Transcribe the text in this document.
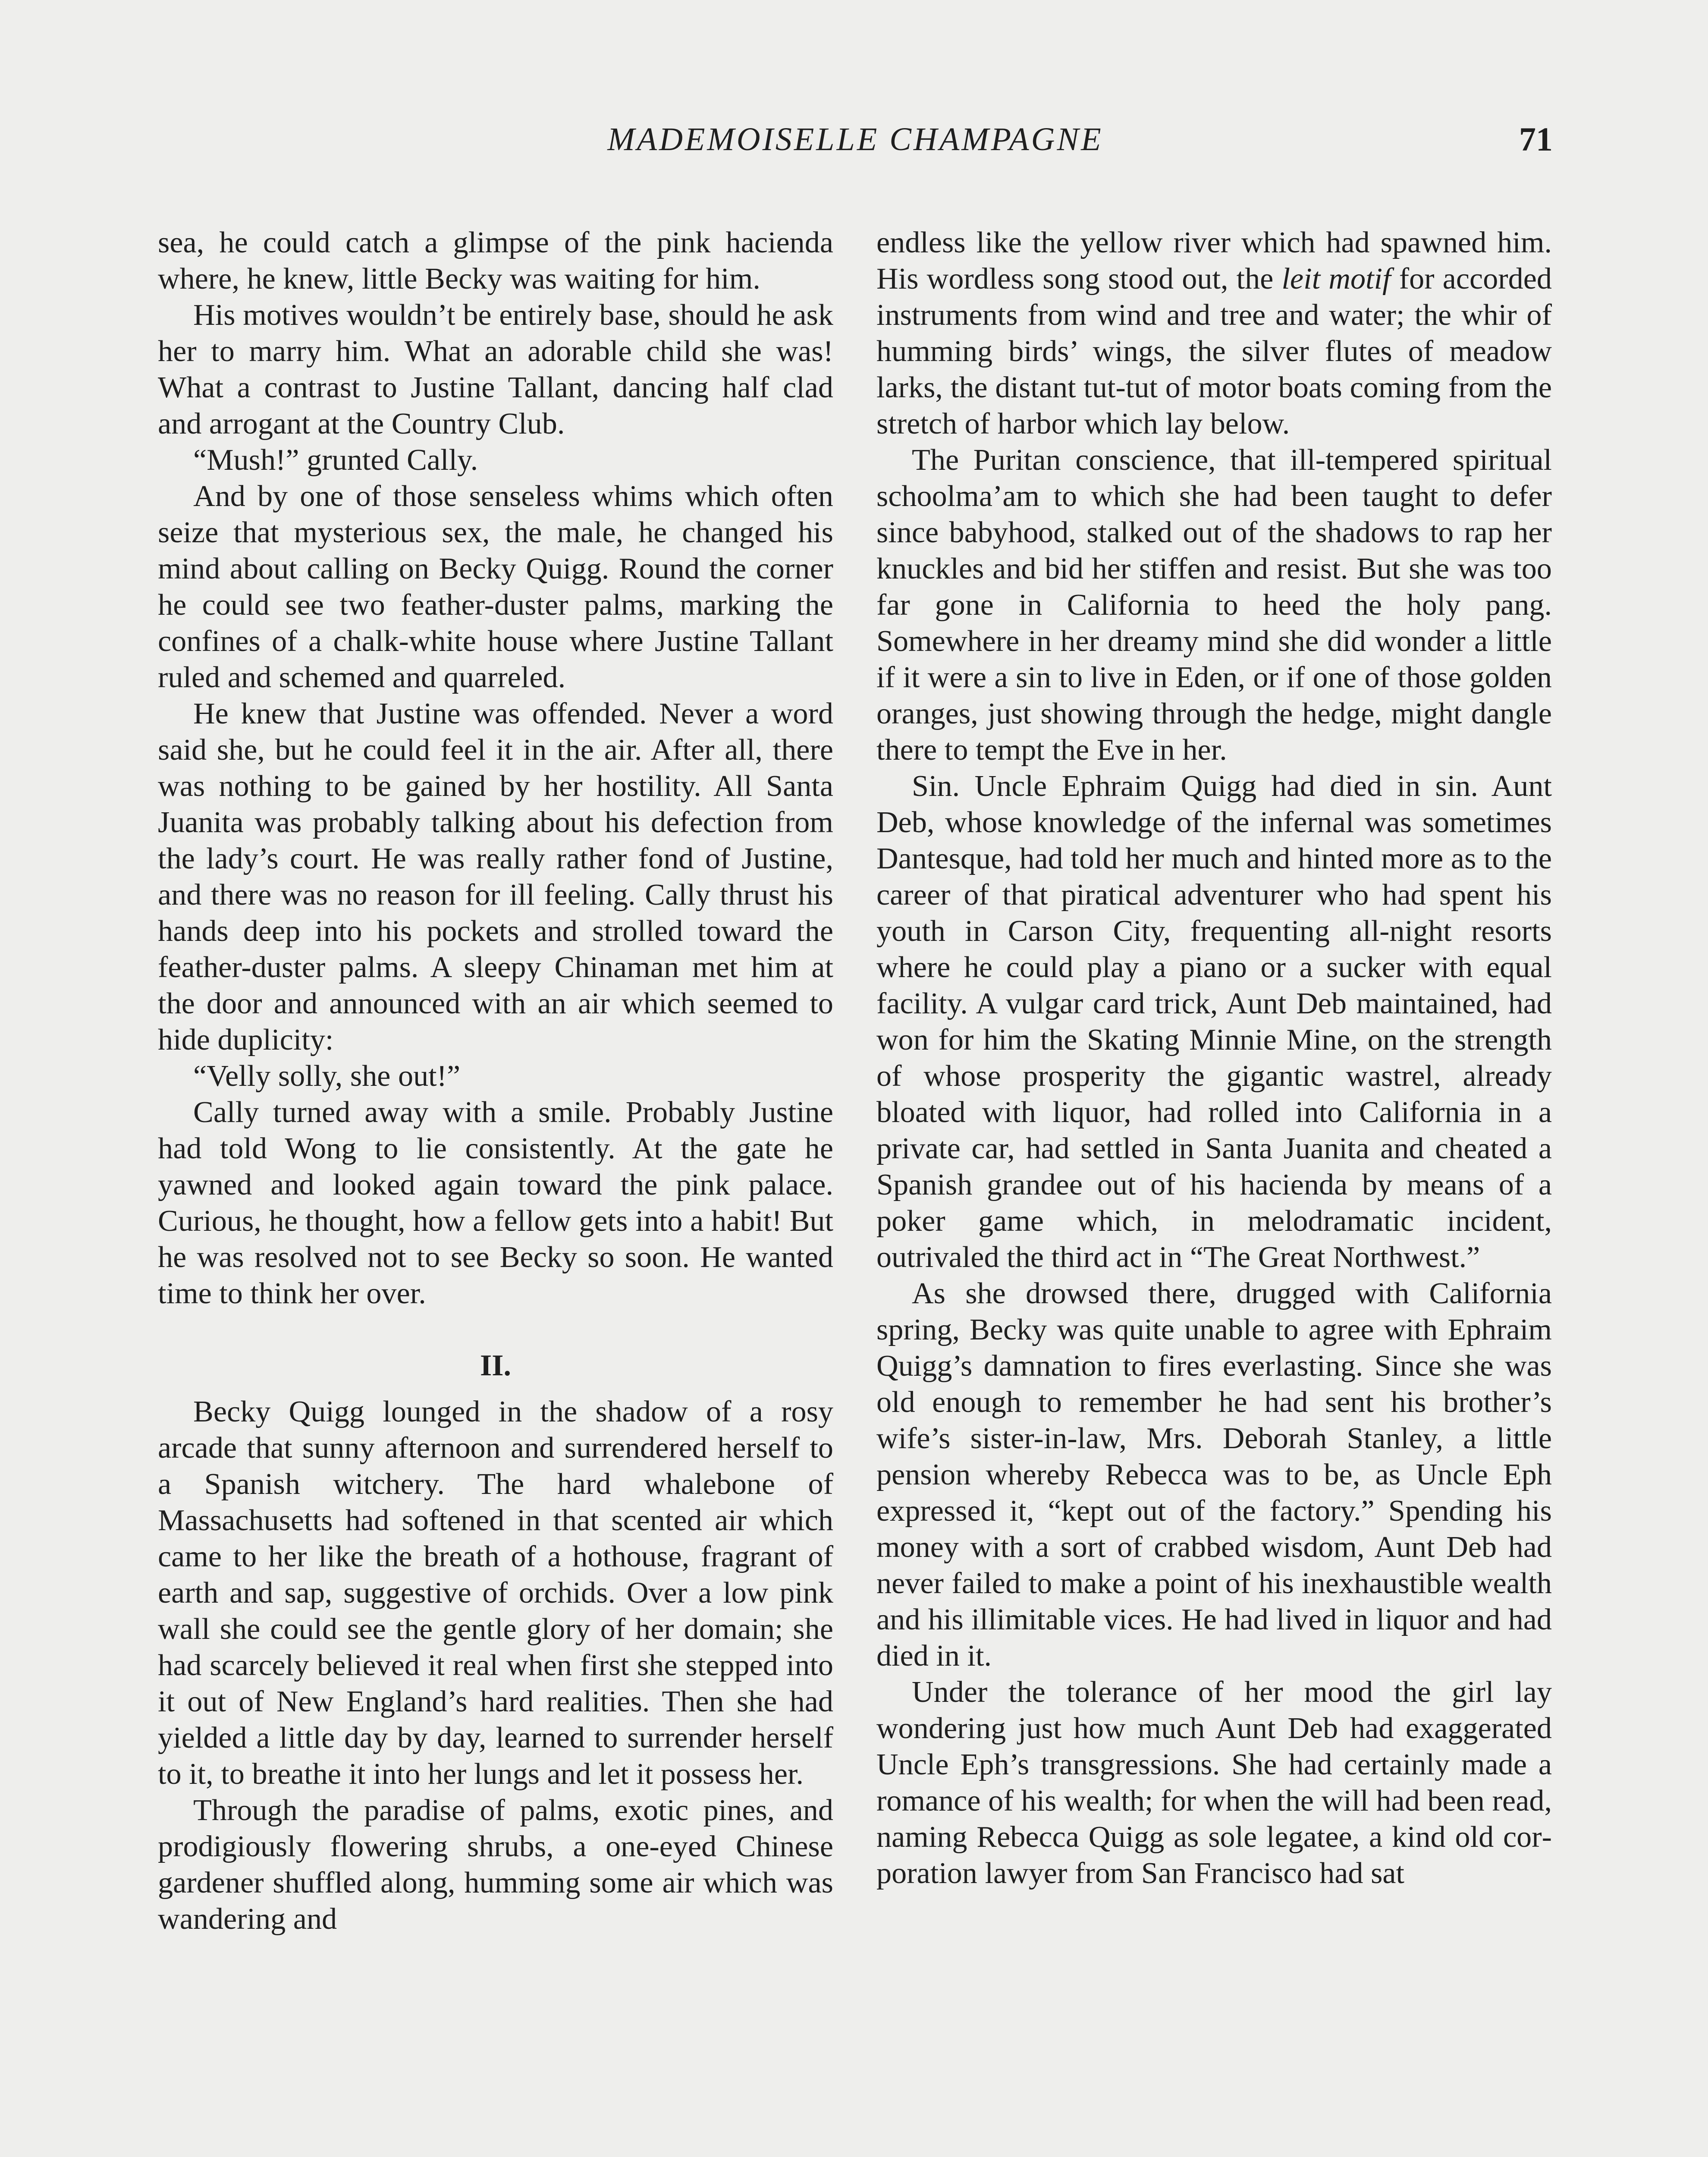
MADEMOISELLE CHAMPAGNE	71

sea, he could catch a glimpse of the pink hacienda where, he knew, little Becky was waiting for him.

His motives wouldn’t be entirely base, should he ask her to marry him. What an adorable child she was! What a contrast to Justine Tallant, dancing half clad and arrogant at the Country Club.

“Mush!” grunted Cally.

And by one of those senseless whims which often seize that mysterious sex, the male, he changed his mind about calling on Becky Quigg. Round the corner he could see two feather-duster palms, marking the confines of a chalk-white house where Justine Tallant ruled and schemed and quarreled.

He knew that Justine was offended. Never a word said she, but he could feel it in the air. After all, there was nothing to be gained by her hostility. All Santa Juanita was probably talking about his defection from the lady’s court. He was really rather fond of Justine, and there was no reason for ill feeling. Cally thrust his hands deep into his pockets and strolled toward the feather-duster palms. A sleepy Chinaman met him at the door and announced with an air which seemed to hide duplicity:

“Velly solly, she out!”

Cally turned away with a smile. Probably Justine had told Wong to lie consistently. At the gate he yawned and looked again toward the pink palace. Curious, he thought, how a fellow gets into a habit! But he was resolved not to see Becky so soon. He wanted time to think her over.

II.

Becky Quigg lounged in the shadow of a rosy arcade that sunny afternoon and surrendered herself to a Spanish witchery. The hard whalebone of Massachusetts had softened in that scented air which came to her like the breath of a hothouse, fragrant of earth and sap, suggestive of orchids. Over a low pink wall she could see the gentle glory of her domain; she had scarcely believed it real when first she stepped into it out of New England’s hard realities. Then she had yielded a little day by day, learned to surrender herself to it, to breathe it into her lungs and let it possess her.

Through the paradise of palms, exotic pines, and prodigiously flowering shrubs, a one-eyed Chinese gardener shuffled along, humming some air which was wandering and

endless like the yellow river which had spawned him. His wordless song stood out, the leit motif for accorded instruments from wind and tree and water; the whir of humming birds’ wings, the silver flutes of meadow larks, the distant tut-tut of motor boats coming from the stretch of harbor which lay below.

The Puritan conscience, that ill-tempered spiritual schoolma’am to which she had been taught to defer since babyhood, stalked out of the shadows to rap her knuckles and bid her stiffen and resist. But she was too far gone in California to heed the holy pang. Somewhere in her dreamy mind she did wonder a little if it were a sin to live in Eden, or if one of those golden oranges, just showing through the hedge, might dangle there to tempt the Eve in her.

Sin. Uncle Ephraim Quigg had died in sin. Aunt Deb, whose knowledge of the infernal was sometimes Dantesque, had told her much and hinted more as to the career of that piratical adventurer who had spent his youth in Carson City, frequenting all-night resorts where he could play a piano or a sucker with equal facility. A vulgar card trick, Aunt Deb maintained, had won for him the Skating Minnie Mine, on the strength of whose prosperity the gigantic wastrel, already bloated with liquor, had rolled into California in a private car, had settled in Santa Juanita and cheated a Spanish grandee out of his hacienda by means of a poker game which, in melodramatic incident, outrivaled the third act in “The Great Northwest.”

As she drowsed there, drugged with California spring, Becky was quite unable to agree with Ephraim Quigg’s damnation to fires everlasting. Since she was old enough to remember he had sent his brother’s wife’s sister-in-law, Mrs. Deborah Stanley, a little pension whereby Rebecca was to be, as Uncle Eph expressed it, “kept out of the factory.” Spending his money with a sort of crabbed wisdom, Aunt Deb had never failed to make a point of his inexhaustible wealth and his illimitable vices. He had lived in liquor and had died in it.

Under the tolerance of her mood the girl lay wondering just how much Aunt Deb had exaggerated Uncle Eph’s transgressions. She had certainly made a romance of his wealth; for when the will had been read, naming Rebecca Quigg as sole legatee, a kind old corporation lawyer from San Francisco had sat
